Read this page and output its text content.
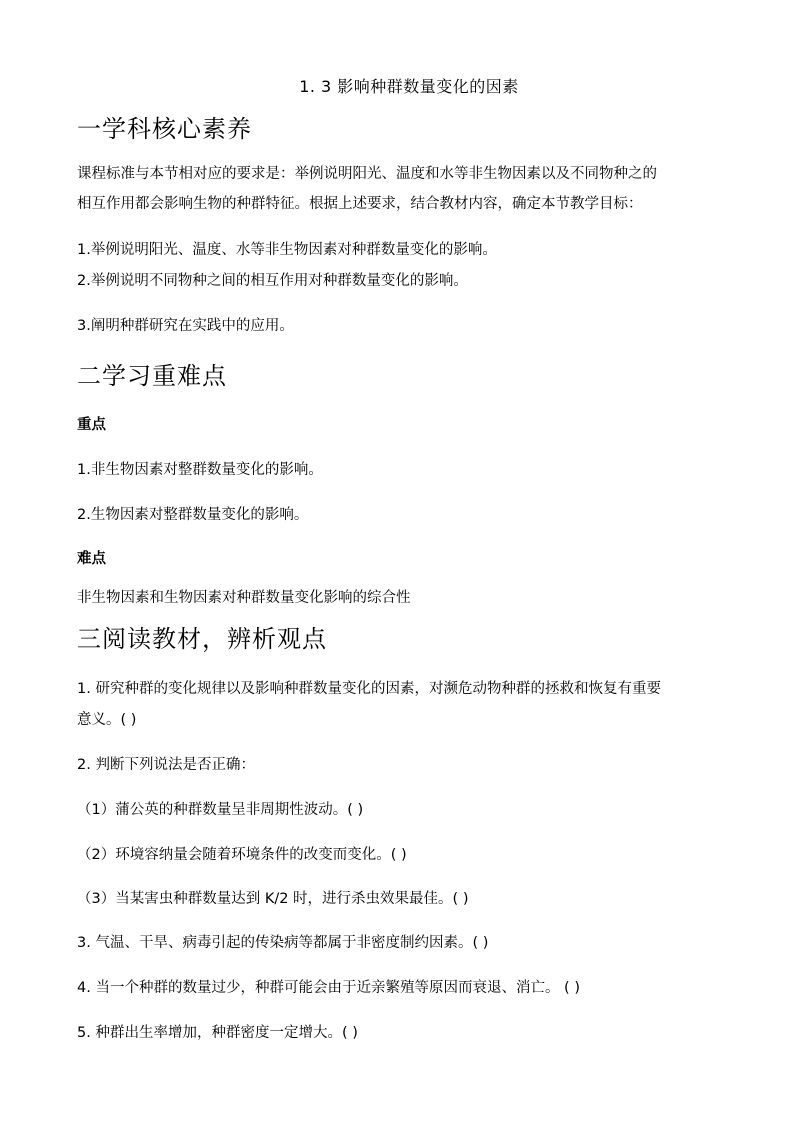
1. 3 影响种群数量变化的因素
一学科核心素养
课程标准与本节相对应的要求是：举例说明阳光、温度和水等非生物因素以及不同物种之的
相互作用都会影响生物的种群特征。根据上述要求，结合教材内容，确定本节教学目标：
1.举例说明阳光、温度、水等非生物因素对种群数量变化的影响。
2.举例说明不同物种之间的相互作用对种群数量变化的影响。
3.阐明种群研究在实践中的应用。
二学习重难点
重点
1.非生物因素对整群数量变化的影响。
2.生物因素对整群数量变化的影响。
难点
非生物因素和生物因素对种群数量变化影响的综合性
三阅读教材，辨析观点
1. 研究种群的变化规律以及影响种群数量变化的因素，对濒危动物种群的拯救和恢复有重要
意义。( )
2. 判断下列说法是否正确：
（1）蒲公英的种群数量呈非周期性波动。( )
（2）环境容纳量会随着环境条件的改变而变化。( )
（3）当某害虫种群数量达到 K/2 时，进行杀虫效果最佳。( )
3. 气温、干旱、病毒引起的传染病等都属于非密度制约因素。( )
4. 当一个种群的数量过少，种群可能会由于近亲繁殖等原因而衰退、消亡。 ( )
5. 种群出生率增加，种群密度一定增大。( )
